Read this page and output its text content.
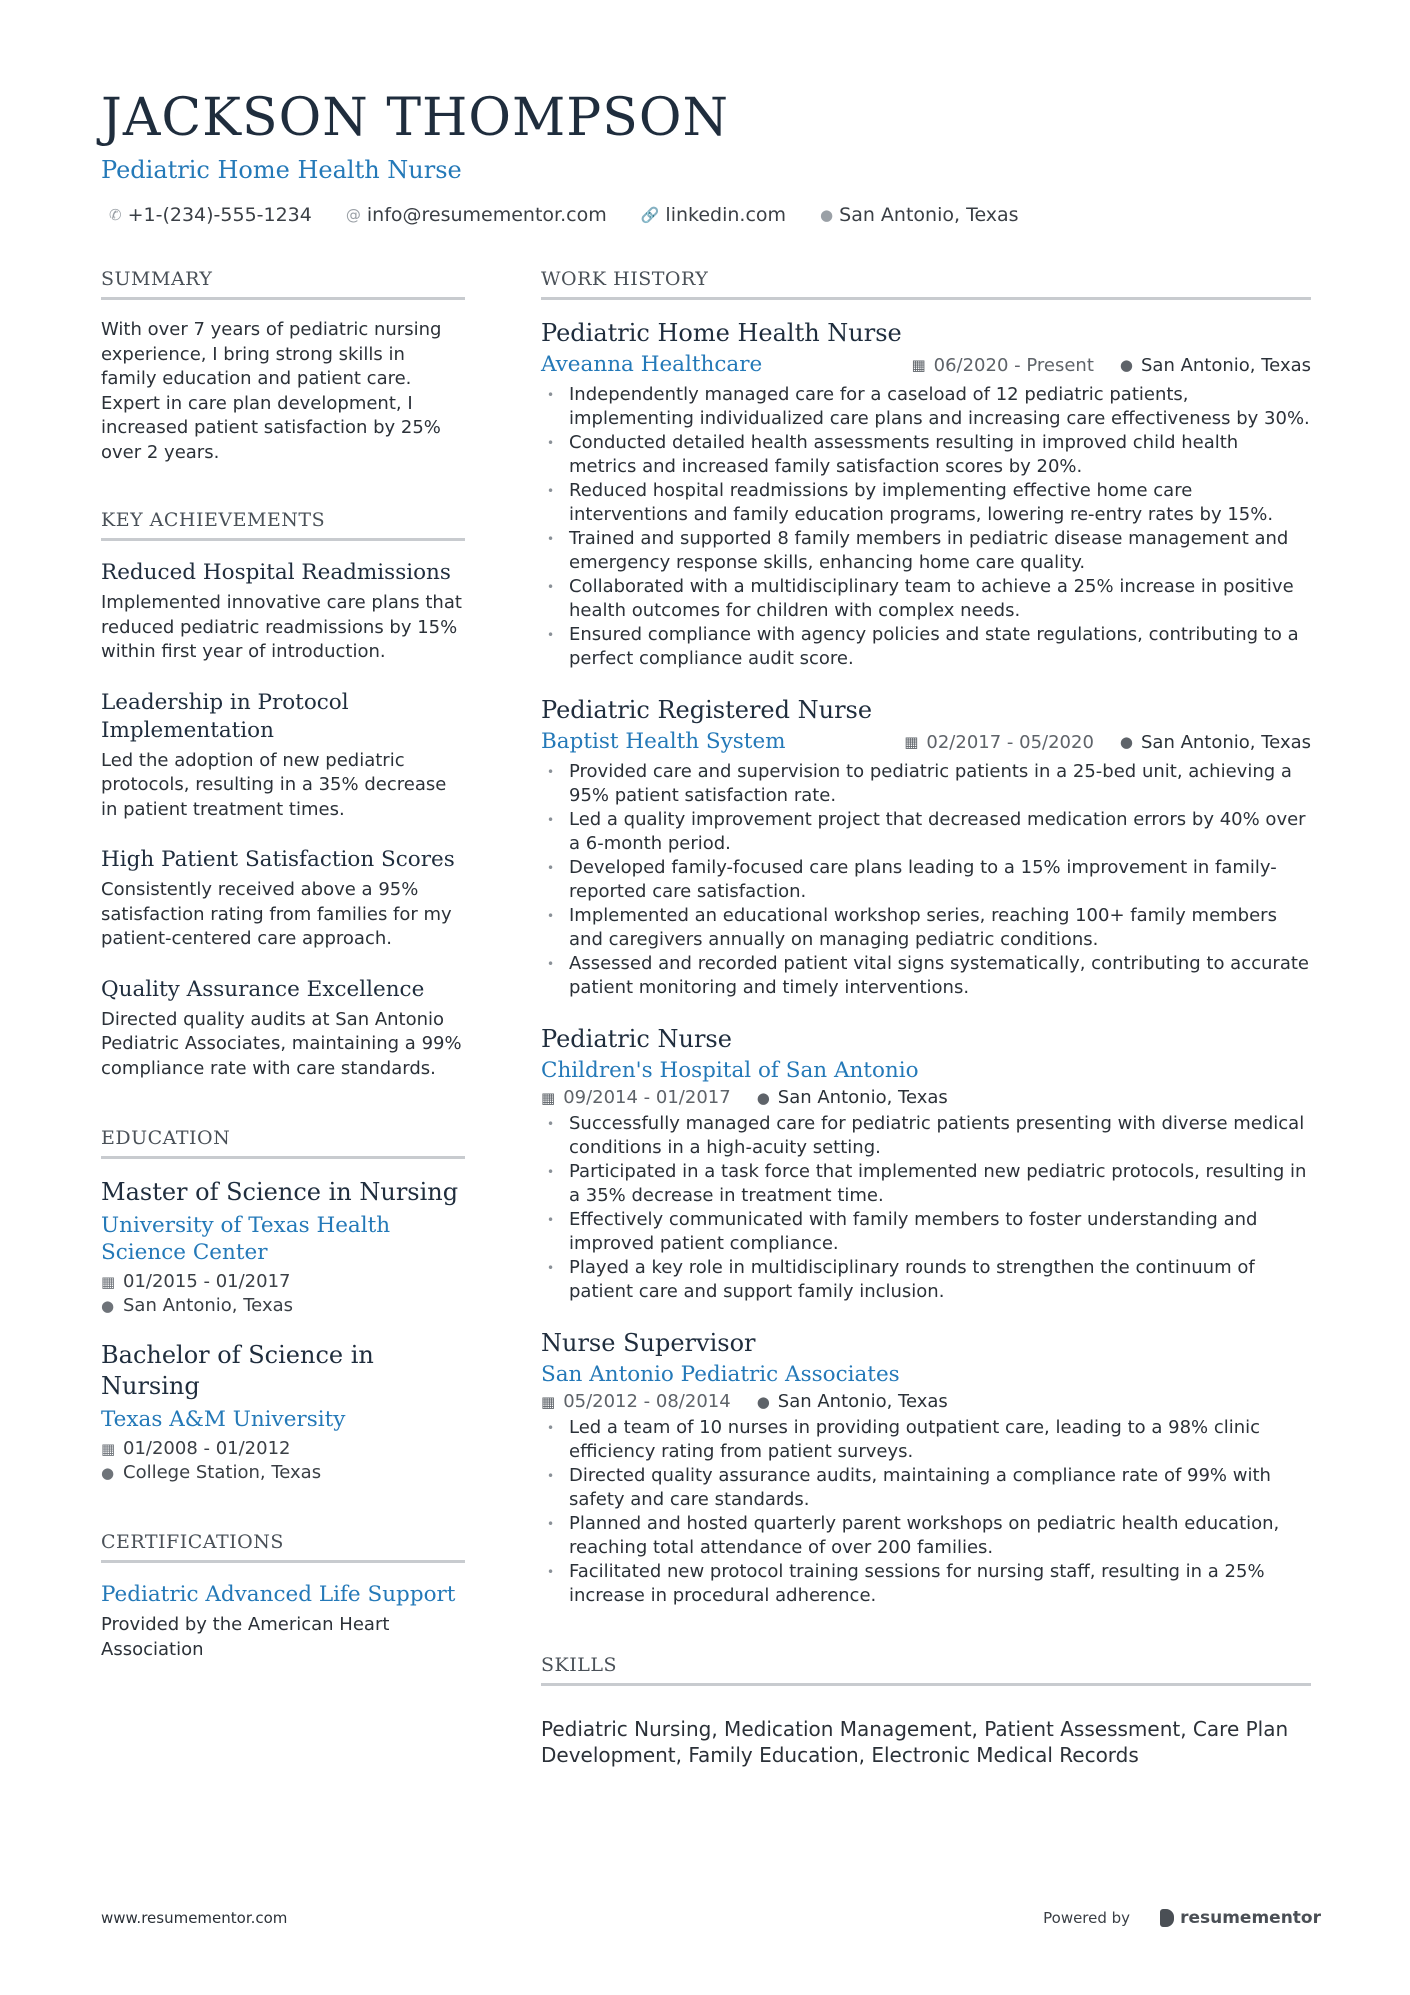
JACKSON THOMPSON
Pediatric Home Health Nurse
✆ +1-(234)-555-1234 @ info@resumementor.com 🔗 linkedin.com ● San Antonio, Texas
SUMMARY
With over 7 years of pediatric nursing experience, I bring strong skills in family education and patient care. Expert in care plan development, I increased patient satisfaction by 25% over 2 years.
KEY ACHIEVEMENTS
Reduced Hospital Readmissions
Implemented innovative care plans that reduced pediatric readmissions by 15% within first year of introduction.
Leadership in Protocol Implementation
Led the adoption of new pediatric protocols, resulting in a 35% decrease in patient treatment times.
High Patient Satisfaction Scores
Consistently received above a 95% satisfaction rating from families for my patient-centered care approach.
Quality Assurance Excellence
Directed quality audits at San Antonio Pediatric Associates, maintaining a 99% compliance rate with care standards.
EDUCATION
Master of Science in Nursing
University of Texas Health Science Center
▦ 01/2015 - 01/2017
● San Antonio, Texas
Bachelor of Science in Nursing
Texas A&M University
▦ 01/2008 - 01/2012
● College Station, Texas
CERTIFICATIONS
Pediatric Advanced Life Support
Provided by the American Heart Association
WORK HISTORY
Pediatric Home Health Nurse
Aveanna Healthcare	▦ 06/2020 - Present ● San Antonio, Texas
• Independently managed care for a caseload of 12 pediatric patients, implementing individualized care plans and increasing care effectiveness by 30%.
• Conducted detailed health assessments resulting in improved child health metrics and increased family satisfaction scores by 20%.
• Reduced hospital readmissions by implementing effective home care interventions and family education programs, lowering re-entry rates by 15%.
• Trained and supported 8 family members in pediatric disease management and emergency response skills, enhancing home care quality.
• Collaborated with a multidisciplinary team to achieve a 25% increase in positive health outcomes for children with complex needs.
• Ensured compliance with agency policies and state regulations, contributing to a perfect compliance audit score.
Pediatric Registered Nurse
Baptist Health System	▦ 02/2017 - 05/2020 ● San Antonio, Texas
• Provided care and supervision to pediatric patients in a 25-bed unit, achieving a 95% patient satisfaction rate.
• Led a quality improvement project that decreased medication errors by 40% over a 6-month period.
• Developed family-focused care plans leading to a 15% improvement in family-reported care satisfaction.
• Implemented an educational workshop series, reaching 100+ family members and caregivers annually on managing pediatric conditions.
• Assessed and recorded patient vital signs systematically, contributing to accurate patient monitoring and timely interventions.
Pediatric Nurse
Children's Hospital of San Antonio
▦ 09/2014 - 01/2017 ● San Antonio, Texas
• Successfully managed care for pediatric patients presenting with diverse medical conditions in a high-acuity setting.
• Participated in a task force that implemented new pediatric protocols, resulting in a 35% decrease in treatment time.
• Effectively communicated with family members to foster understanding and improved patient compliance.
• Played a key role in multidisciplinary rounds to strengthen the continuum of patient care and support family inclusion.
Nurse Supervisor
San Antonio Pediatric Associates
▦ 05/2012 - 08/2014 ● San Antonio, Texas
• Led a team of 10 nurses in providing outpatient care, leading to a 98% clinic efficiency rating from patient surveys.
• Directed quality assurance audits, maintaining a compliance rate of 99% with safety and care standards.
• Planned and hosted quarterly parent workshops on pediatric health education, reaching total attendance of over 200 families.
• Facilitated new protocol training sessions for nursing staff, resulting in a 25% increase in procedural adherence.
SKILLS
Pediatric Nursing, Medication Management, Patient Assessment, Care Plan Development, Family Education, Electronic Medical Records
www.resumementor.com	Powered by	resumementor
